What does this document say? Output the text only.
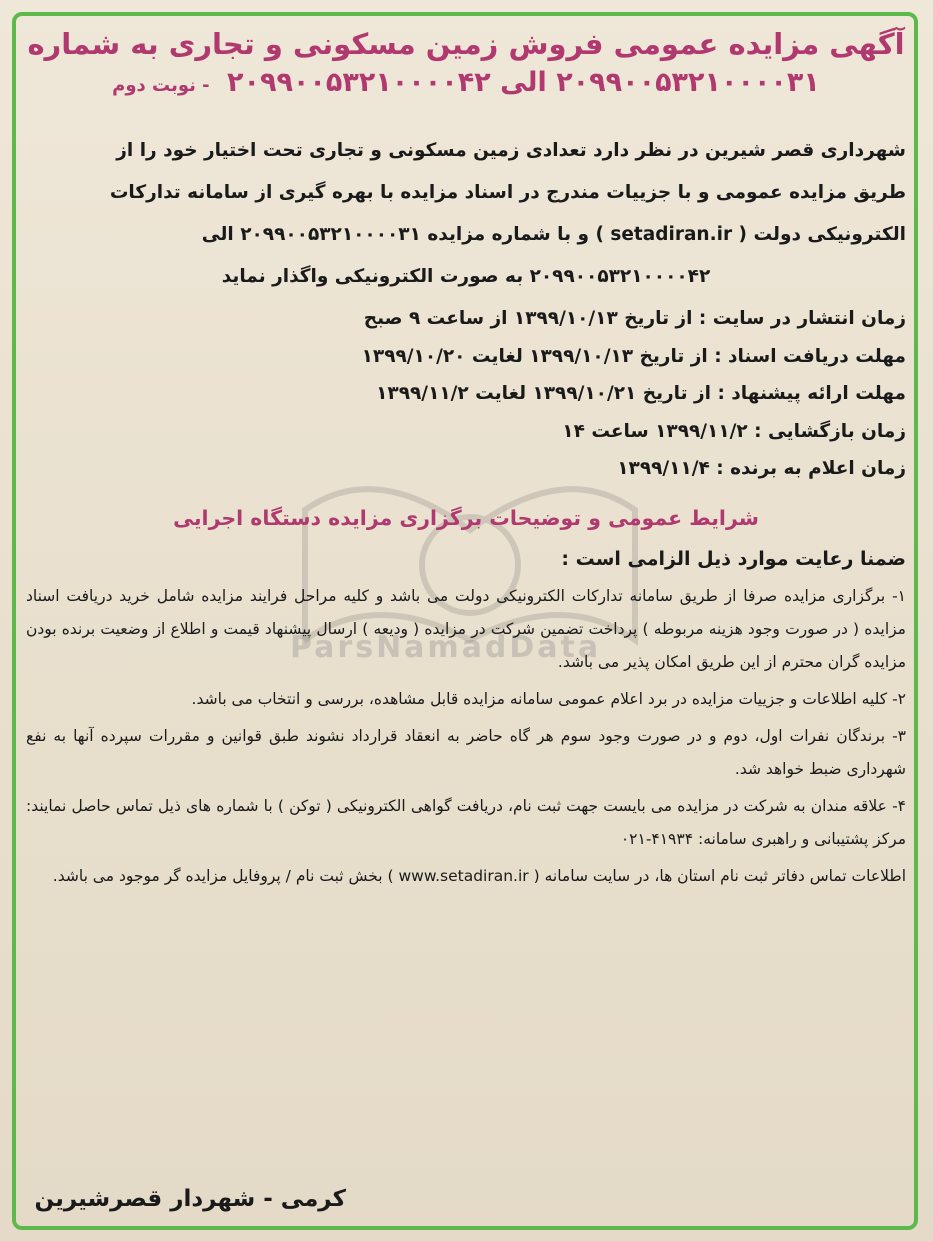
ParsNamadData
آگهی مزایده عمومی فروش زمین مسکونی و تجاری به شماره
۲۰۹۹۰۰۵۳۲۱۰۰۰۰۳۱ الی ۲۰۹۹۰۰۵۳۲۱۰۰۰۰۴۲ - نوبت دوم
شهرداری قصر شیرین در نظر دارد تعدادی زمین مسکونی و تجاری تحت اختیار خود را از
طریق مزایده عمومی و با جزییات مندرج در اسناد مزایده با بهره گیری از سامانه تدارکات
الکترونیکی دولت ( setadiran.ir ) و با شماره مزایده ۲۰۹۹۰۰۵۳۲۱۰۰۰۰۳۱ الی
۲۰۹۹۰۰۵۳۲۱۰۰۰۰۴۲ به صورت الکترونیکی واگذار نماید
زمان انتشار در سایت : از تاریخ ۱۳۹۹/۱۰/۱۳ از ساعت ۹ صبح
مهلت دریافت اسناد : از تاریخ ۱۳۹۹/۱۰/۱۳ لغایت ۱۳۹۹/۱۰/۲۰
مهلت ارائه پیشنهاد : از تاریخ ۱۳۹۹/۱۰/۲۱ لغایت ۱۳۹۹/۱۱/۲
زمان بازگشایی : ۱۳۹۹/۱۱/۲ ساعت ۱۴
زمان اعلام به برنده : ۱۳۹۹/۱۱/۴
شرایط عمومی و توضیحات برگزاری مزایده دستگاه اجرایی
ضمنا رعایت موارد ذیل الزامی است :

۱- برگزاری مزایده صرفا از طریق سامانه تدارکات الکترونیکی دولت می باشد و کلیه مراحل فرایند مزایده شامل خرید دریافت اسناد مزایده ( در صورت وجود هزینه مربوطه ) پرداخت تضمین شرکت در مزایده ( ودیعه ) ارسال پیشنهاد قیمت و اطلاع از وضعیت برنده بودن مزایده گران محترم از این طریق امکان پذیر می باشد.

۲- کلیه اطلاعات و جزییات مزایده در برد اعلام عمومی سامانه مزایده قابل مشاهده، بررسی و انتخاب می باشد.

۳- برندگان نفرات اول، دوم و در صورت وجود سوم هر گاه حاضر به انعقاد قرارداد نشوند طبق قوانین و مقررات سپرده آنها به نفع شهرداری ضبط خواهد شد.

۴- علاقه مندان به شرکت در مزایده می بایست جهت ثبت نام، دریافت گواهی الکترونیکی ( توکن ) با شماره های ذیل تماس حاصل نمایند: مرکز پشتیبانی و راهبری سامانه: ۴۱۹۳۴-۰۲۱

اطلاعات تماس دفاتر ثبت نام استان ها، در سایت سامانه ( www.setadiran.ir ) بخش ثبت نام / پروفایل مزایده گر موجود می باشد.

کرمی - شهردار قصرشیرین
